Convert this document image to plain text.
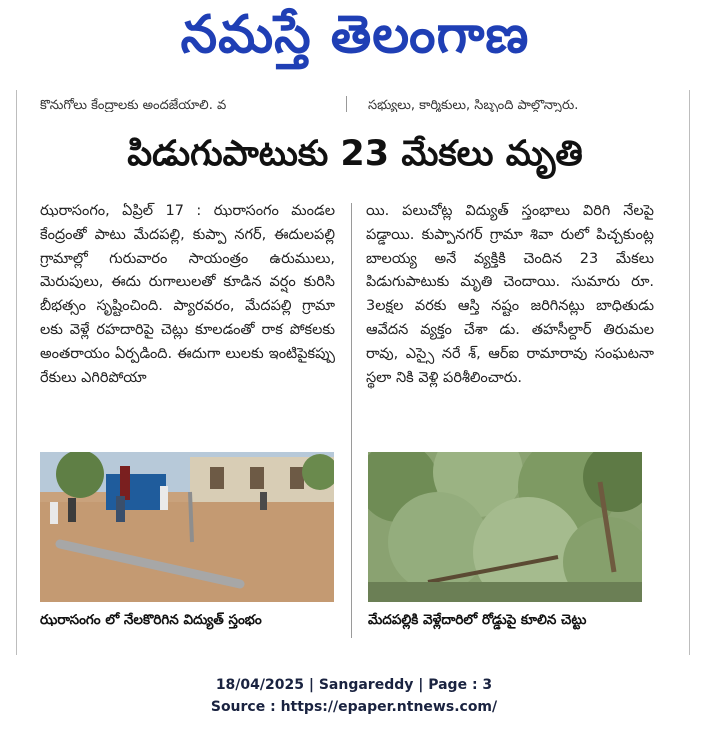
నమస్తే తెలంగాణ
కొనుగోలు కేంద్రాలకు అందజేయాలి. వ	సభ్యులు, కార్మికులు, సిబ్బంది పాల్గొన్నారు.
పిడుగుపాటుకు 23 మేకలు మృతి

ఝరాసంగం, ఏప్రిల్ 17 : ఝరాసంగం మండల కేంద్రంతో పాటు మేదపల్లి, కుప్పా నగర్, ఈదులపల్లి గ్రామాల్లో గురువారం సాయంత్రం ఉరుములు, మెరుపులు, ఈదు రుగాలులతో కూడిన వర్షం కురిసి బీభత్సం సృష్టించింది. ప్యారవరం, మేదపల్లి గ్రామా లకు వెళ్లే రహదారిపై చెట్లు కూలడంతో రాక పోకలకు అంతరాయం ఏర్పడింది. ఈదుగా లులకు ఇంటిపైకప్పు రేకులు ఎగిరిపోయా

యి. పలుచోట్ల విద్యుత్ స్తంభాలు విరిగి నేలపై పడ్డాయి. కుప్పానగర్ గ్రామా శివా రులో పిచ్చకుంట్ల బాలయ్య అనే వ్యక్తికి చెందిన 23 మేకలు పిడుగుపాటుకు మృతి చెందాయి. సుమారు రూ. 3లక్షల వరకు ఆస్తి నష్టం జరిగినట్లు బాధితుడు ఆవేదన వ్యక్తం చేశా డు. తహసీల్దార్ తిరుమల రావు, ఎస్సై నరే శ్, ఆర్ఐ రామారావు సంఘటనా స్థలా నికి వెళ్లి పరిశీలించారు.

ఝరాసంగం లో నేలకొరిగిన విద్యుత్ స్తంభం	మేదపల్లికి వెళ్లేదారిలో రోడ్డుపై కూలిన చెట్టు
18/04/2025 | Sangareddy | Page : 3
Source : https://epaper.ntnews.com/
